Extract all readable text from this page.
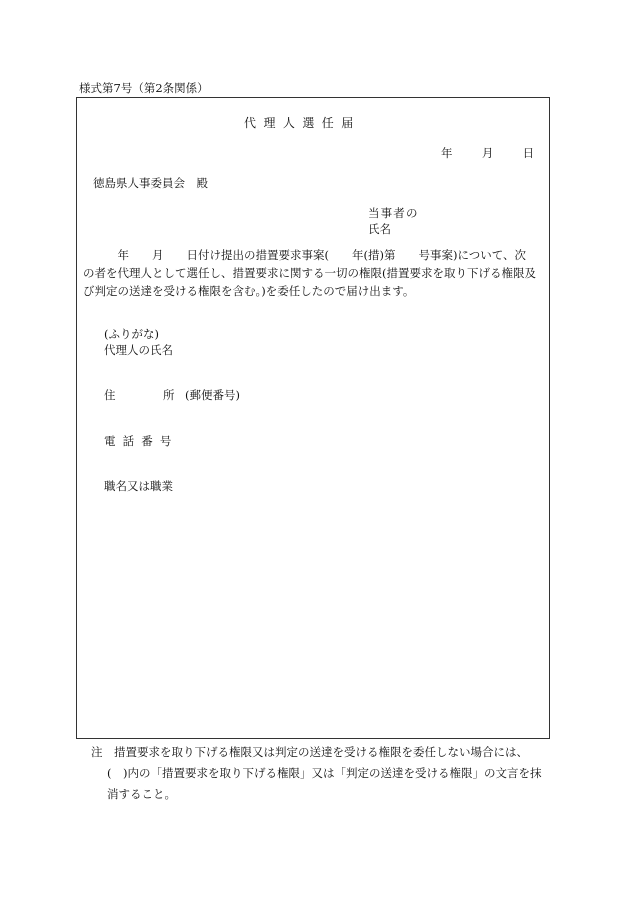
様式第7号（第2条関係）
代理人選任届
年	月	日
徳島県人事委員会　殿
当事者の
氏名
　　　年　　月　　日付け提出の措置要求事案(　　年(措)第　　号事案)について、次
の者を代理人として選任し、措置要求に関する一切の権限(措置要求を取り下げる権限及
び判定の送達を受ける権限を含む。)を委任したので届け出ます。
(ふりがな)
代理人の氏名
住	所 (郵便番号)
電 話 番 号
職名又は職業
注　措置要求を取り下げる権限又は判定の送達を受ける権限を委任しない場合には、
(　)内の「措置要求を取り下げる権限」又は「判定の送達を受ける権限」の文言を抹
消すること。
